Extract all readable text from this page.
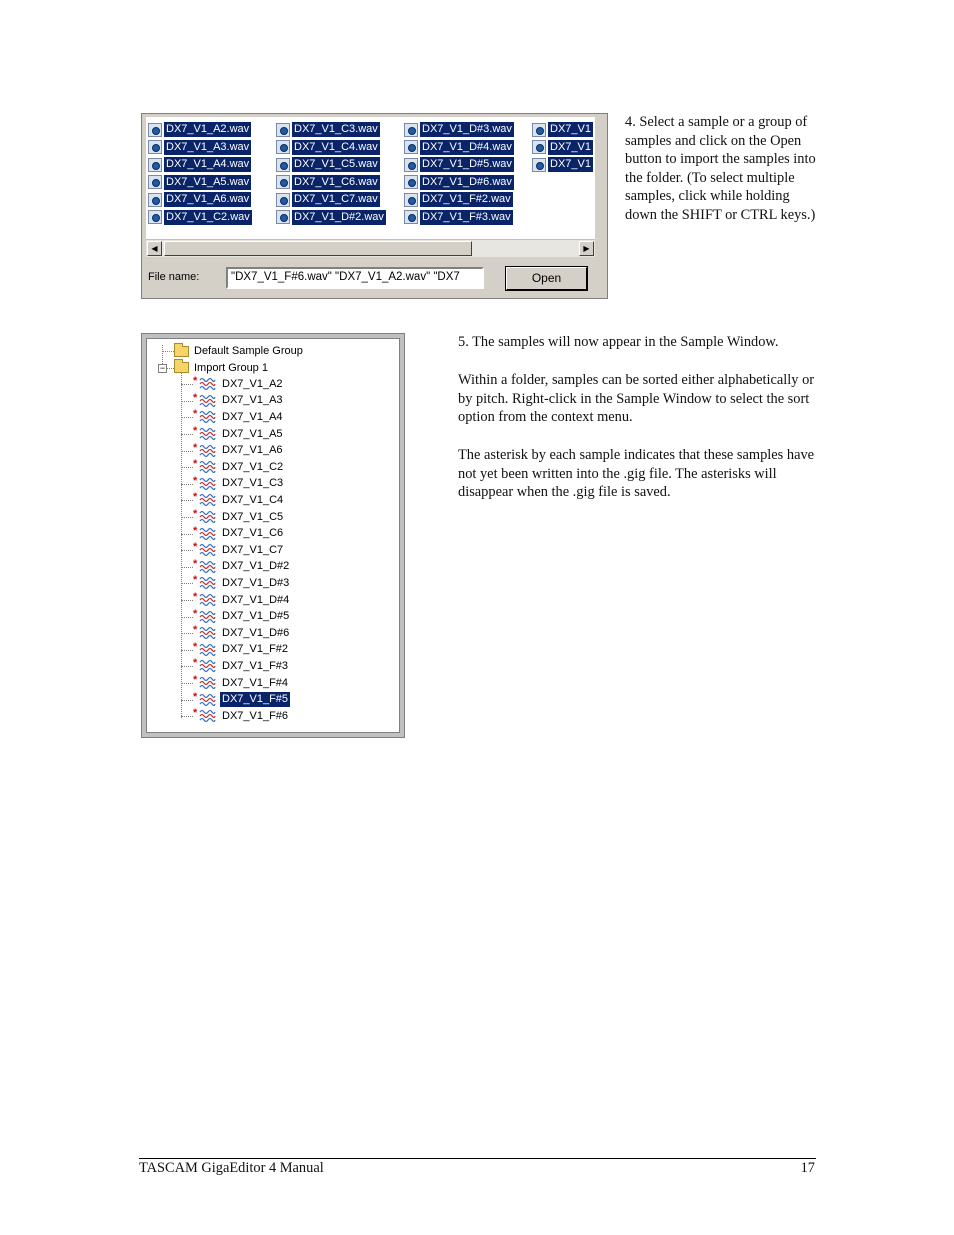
DX7_V1_A2.wav
DX7_V1_A3.wav
DX7_V1_A4.wav
DX7_V1_A5.wav
DX7_V1_A6.wav
DX7_V1_C2.wav
DX7_V1_C3.wav
DX7_V1_C4.wav
DX7_V1_C5.wav
DX7_V1_C6.wav
DX7_V1_C7.wav
DX7_V1_D#2.wav
DX7_V1_D#3.wav
DX7_V1_D#4.wav
DX7_V1_D#5.wav
DX7_V1_D#6.wav
DX7_V1_F#2.wav
DX7_V1_F#3.wav
DX7_V1
DX7_V1
DX7_V1
◀	▶
File name:	"DX7_V1_F#6.wav" "DX7_V1_A2.wav" "DX7	Open

4. Select a sample or a group of samples and click on the Open button to import the samples into the folder. (To select multiple samples, click while holding down the SHIFT or CTRL keys.)

Default Sample Group
−	Import Group 1
* DX7_V1_A2
* DX7_V1_A3
* DX7_V1_A4
* DX7_V1_A5
* DX7_V1_A6
* DX7_V1_C2
* DX7_V1_C3
* DX7_V1_C4
* DX7_V1_C5
* DX7_V1_C6
* DX7_V1_C7
* DX7_V1_D#2
* DX7_V1_D#3
* DX7_V1_D#4
* DX7_V1_D#5
* DX7_V1_D#6
* DX7_V1_F#2
* DX7_V1_F#3
* DX7_V1_F#4
* DX7_V1_F#5
* DX7_V1_F#6

5. The samples will now appear in the Sample Window.

Within a folder, samples can be sorted either alphabetically or by pitch. Right-click in the Sample Window to select the sort option from the context menu.

The asterisk by each sample indicates that these samples have not yet been written into the .gig file. The asterisks will disappear when the .gig file is saved.

TASCAM GigaEditor 4 Manual	17
